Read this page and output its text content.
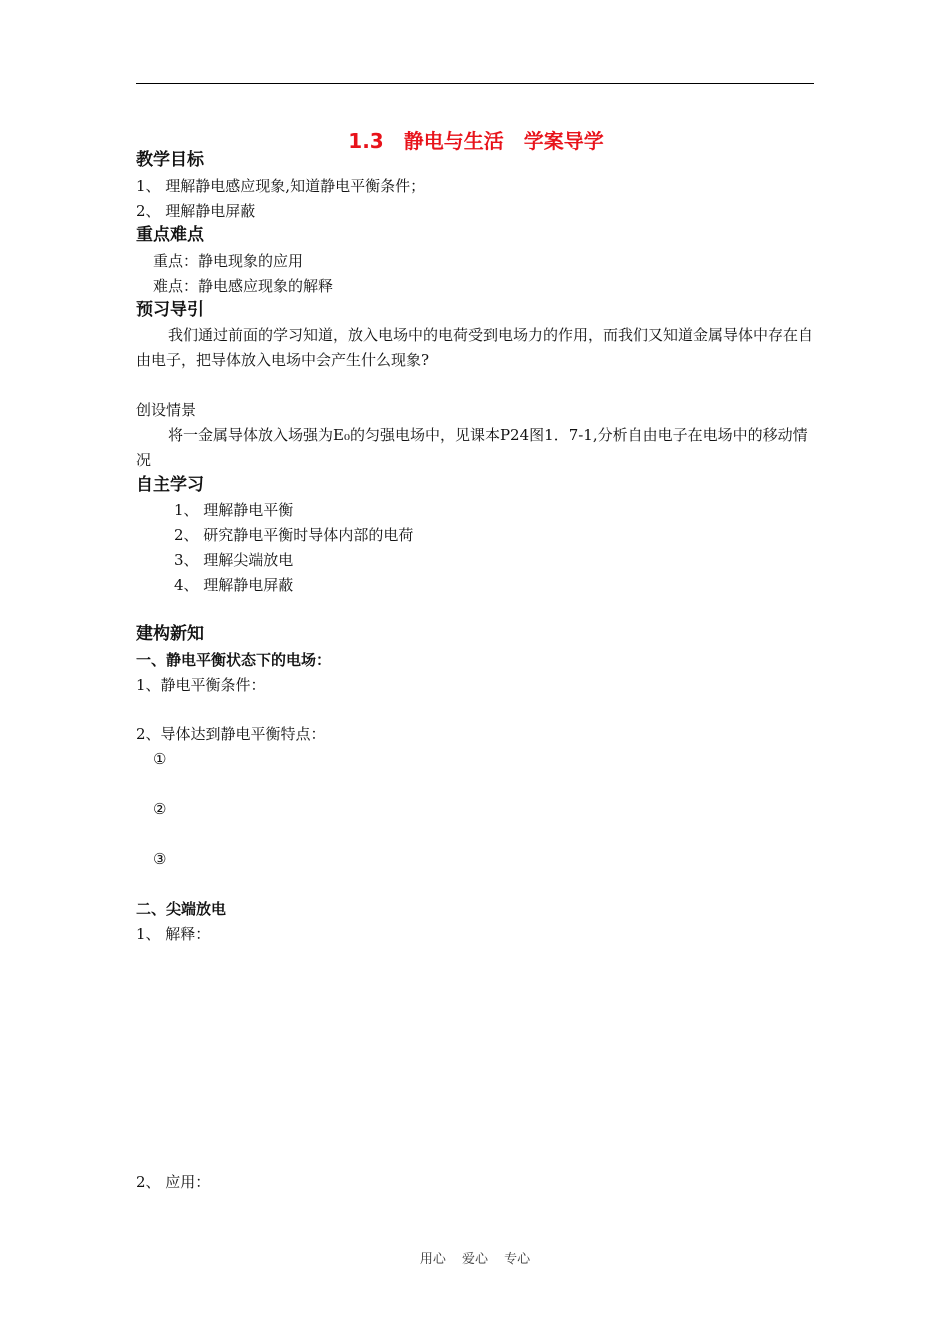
1.3　静电与生活　学案导学
教学目标
1、 理解静电感应现象,知道静电平衡条件；
2、 理解静电屏蔽
重点难点
重点：静电现象的应用
难点：静电感应现象的解释
预习导引
我们通过前面的学习知道，放入电场中的电荷受到电场力的作用，而我们又知道金属导体中存在自由电子，把导体放入电场中会产生什么现象?
创设情景
将一金属导体放入场强为E₀的匀强电场中，见课本P24图1．7-1,分析自由电子在电场中的移动情况
自主学习
1、 理解静电平衡
2、 研究静电平衡时导体内部的电荷
3、 理解尖端放电
4、 理解静电屏蔽
建构新知
一、静电平衡状态下的电场：
1、静电平衡条件：
2、导体达到静电平衡特点：
①
②
③
二、尖端放电
1、 解释：
2、 应用：
用心 爱心 专心
